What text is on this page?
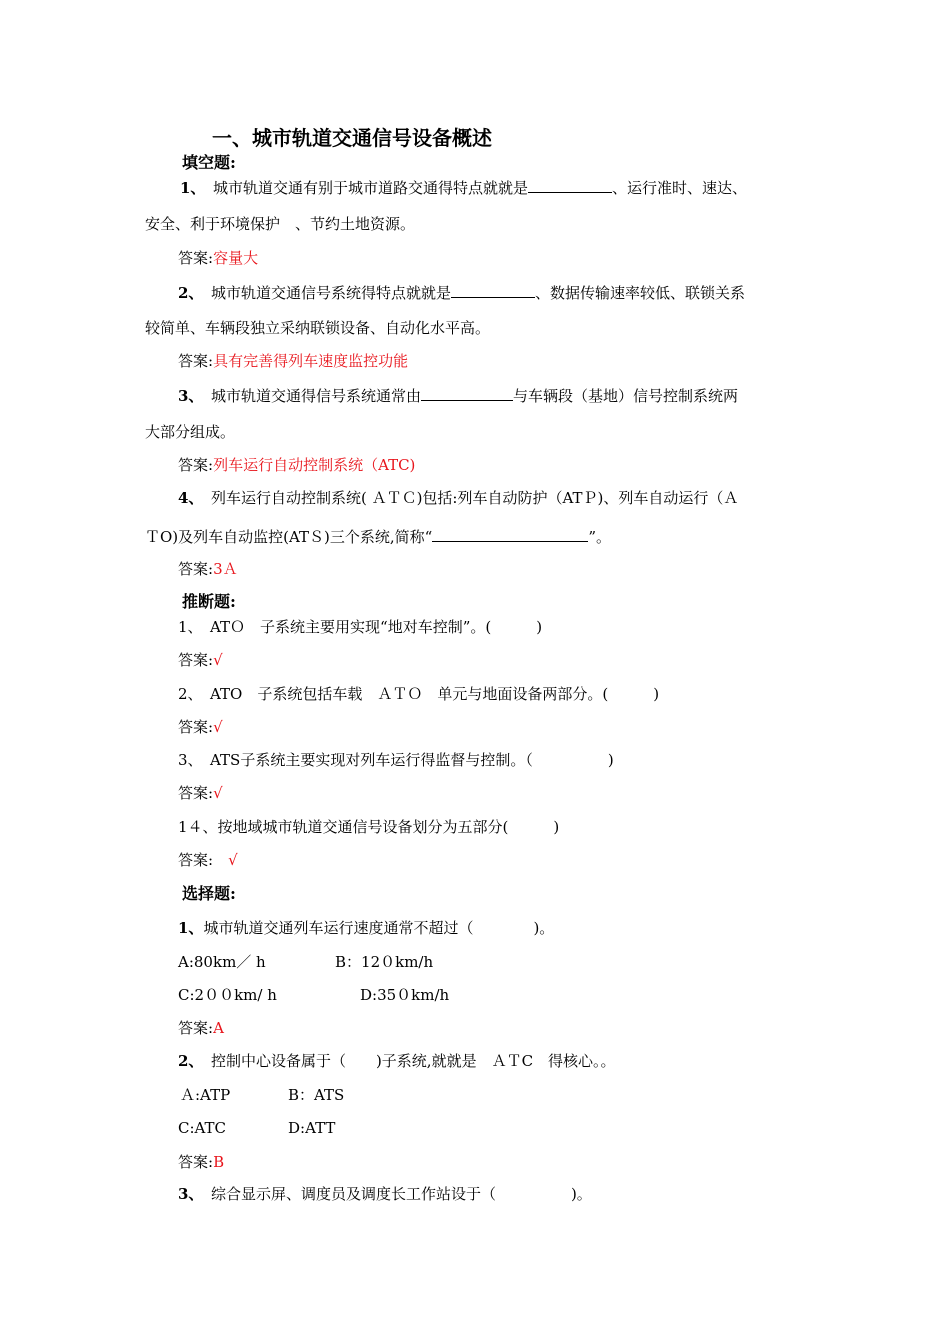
一、城市轨道交通信号设备概述
填空题:
1、　 城市轨道交通有别于城市道路交通得特点就就是	、运行准时、速达、
安全、利于环境保护　、节约土地资源。
答案:容量大
2、　 城市轨道交通信号系统得特点就就是	、数据传输速率较低、联锁关系
较简单、车辆段独立采纳联锁设备、自动化水平高。
答案:具有完善得列车速度监控功能
3、　 城市轨道交通得信号系统通常由	与车辆段（基地）信号控制系统两
大部分组成。
答案:列车运行自动控制系统（ATC)
4、　 列车运行自动控制系统( ＡＴＣ)包括:列车自动防护（ATＰ)、列车自动运行（Ａ
ＴO)及列车自动监控(ATＳ)三个系统,简称“	”。
答案:3Ａ
推断题:
1、　ATＯ　子系统主要用实现“地对车控制”。(　　　)
答案:√
2、　ATO　子系统包括车载　ＡＴＯ　单元与地面设备两部分。(　　　)
答案:√
3、　ATS子系统主要实现对列车运行得监督与控制。（　　　　　)
答案:√
1４、按地域城市轨道交通信号设备划分为五部分(　　　)
答案:　√
选择题:
1、城市轨道交通列车运行速度通常不超过（　　　　)。
A:80km／ h	B：12０km/h
C:2００km/ h	D:35０km/h
答案:A
2、　 控制中心设备属于（　　)子系统,就就是　ＡＴC　得核心。。
Ａ:ATP	B：ATS
C:ATC	D:ATT
答案:B
3、　 综合显示屏、调度员及调度长工作站设于（　　　　　)。
